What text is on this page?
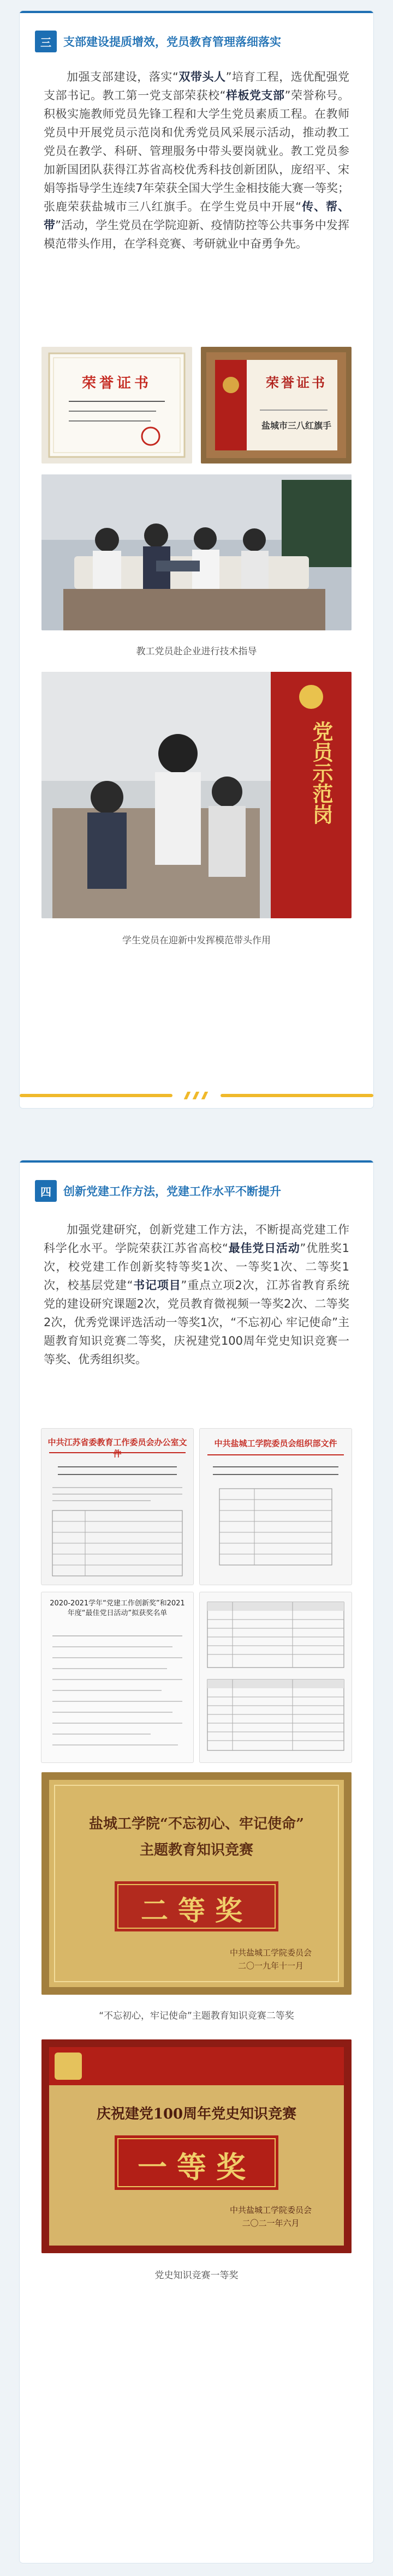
三	支部建设提质增效，党员教育管理落细落实

加强支部建设，落实“双带头人”培育工程，选优配强党支部书记。教工第一党支部荣获校“样板党支部”荣誉称号。积极实施教师党员先锋工程和大学生党员素质工程。在教师党员中开展党员示范岗和优秀党员风采展示活动，推动教工党员在教学、科研、管理服务中带头要岗就业。教工党员参加新国团队获得江苏省高校优秀科技创新团队，庞绍平、宋娟等指导学生连续7年荣获全国大学生金相技能大赛一等奖；张鹿荣获盐城市三八红旗手。在学生党员中开展“传、帮、带”活动，学生党员在学院迎新、疫情防控等公共事务中发挥模范带头作用，在学科竞赛、考研就业中奋勇争先。

荣誉证书	荣誉证书
盐城市三八红旗手
教工党员赴企业进行技术指导
党员示范岗
学生党员在迎新中发挥模范带头作用
四	创新党建工作方法，党建工作水平不断提升

加强党建研究，创新党建工作方法，不断提高党建工作科学化水平。学院荣获江苏省高校“最佳党日活动”优胜奖1次，校党建工作创新奖特等奖1次、一等奖1次、二等奖1次，校基层党建“书记项目”重点立项2次，江苏省教育系统党的建设研究课题2次，党员教育微视频一等奖2次、二等奖2次，优秀党课评选活动一等奖1次，“不忘初心 牢记使命”主题教育知识竞赛二等奖，庆祝建党100周年党史知识竞赛一等奖、优秀组织奖。

中共江苏省委教育工作委员会办公室文件
中共盐城工学院委员会组织部文件
2020-2021学年“党建工作创新奖”和2021年度“最佳党日活动”拟获奖名单
盐城工学院“不忘初心、牢记使命”
主题教育知识竞赛
二等奖
中共盐城工学院委员会
二〇一九年十一月
“不忘初心，牢记使命”主题教育知识竞赛二等奖
庆祝建党100周年党史知识竞赛
一等奖
中共盐城工学院委员会
二〇二一年六月
党史知识竞赛一等奖
